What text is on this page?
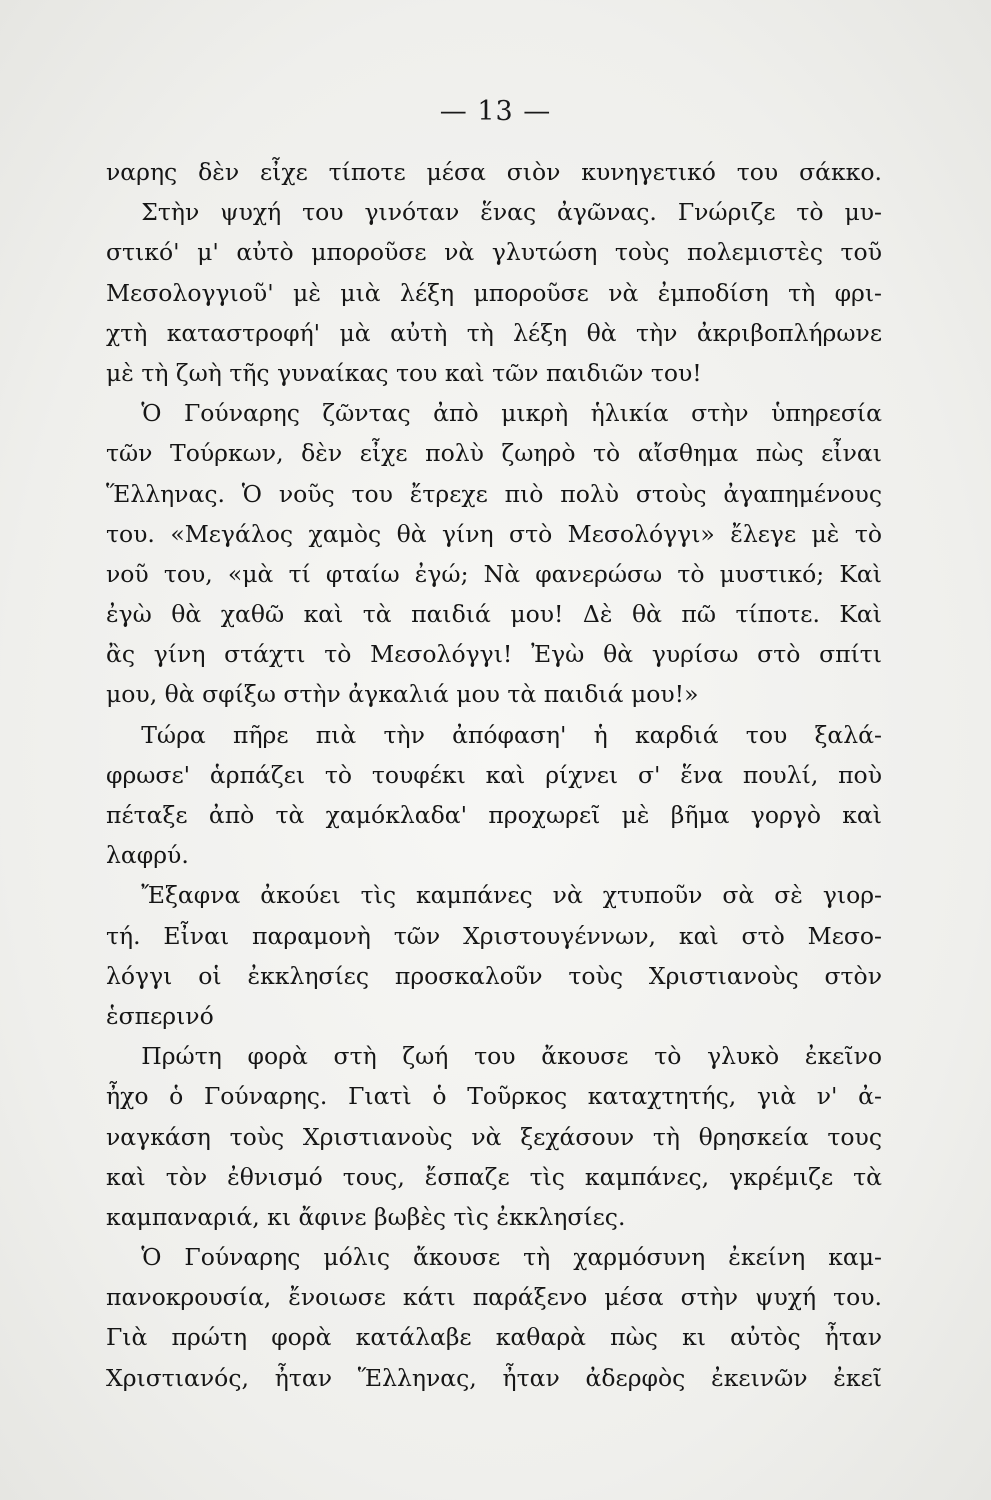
— 13 —
ναρης δὲν εἶχε τίποτε μέσα σιὸν κυνηγετικό του σάκκο.
  Στὴν ψυχή του γινόταν ἕνας ἀγῶνας. Γνώριζε τὸ μυ-
στικό' μ' αὐτὸ μποροῦσε νὰ γλυτώση τοὺς πολεμιστὲς τοῦ
Μεσολογγιοῦ' μὲ μιὰ λέξη μποροῦσε νὰ ἐμποδίση τὴ φρι-
χτὴ καταστροφή' μὰ αὐτὴ τὴ λέξη θὰ τὴν ἀκριβοπλήρωνε
μὲ τὴ ζωὴ τῆς γυναίκας του καὶ τῶν παιδιῶν του!
  Ὁ Γούναρης ζῶντας ἀπὸ μικρὴ ἡλικία στὴν ὑπηρεσία
τῶν Τούρκων, δὲν εἶχε πολὺ ζωηρὸ τὸ αἴσθημα πὼς εἶναι
Ἕλληνας. Ὁ νοῦς του ἔτρεχε πιὸ πολὺ στοὺς ἀγαπημένους
του. «Μεγάλος χαμὸς θὰ γίνη στὸ Μεσολόγγι» ἔλεγε μὲ τὸ
νοῦ του, «μὰ τί φταίω ἐγώ; Νὰ φανερώσω τὸ μυστικό; Καὶ
ἐγὼ θὰ χαθῶ καὶ τὰ παιδιά μου! Δὲ θὰ πῶ τίποτε. Καὶ
ἂς γίνη στάχτι τὸ Μεσολόγγι! Ἐγὼ θὰ γυρίσω στὸ σπίτι
μου, θὰ σφίξω στὴν ἀγκαλιά μου τὰ παιδιά μου!»
  Τώρα πῆρε πιὰ τὴν ἀπόφαση' ἡ καρδιά του ξαλά-
φρωσε' ἁρπάζει τὸ τουφέκι καὶ ρίχνει σ' ἕνα πουλί, ποὺ
πέταξε ἀπὸ τὰ χαμόκλαδα' προχωρεῖ μὲ βῆμα γοργὸ καὶ
λαφρύ.
  Ἔξαφνα ἀκούει τὶς καμπάνες νὰ χτυποῦν σὰ σὲ γιορ-
τή. Εἶναι παραμονὴ τῶν Χριστουγέννων, καὶ στὸ Μεσο-
λόγγι οἱ ἐκκλησίες προσκαλοῦν τοὺς Χριστιανοὺς στὸν
ἑσπερινό
  Πρώτη φορὰ στὴ ζωή του ἄκουσε τὸ γλυκὸ ἐκεῖνο
ἦχο ὁ Γούναρης. Γιατὶ ὁ Τοῦρκος καταχτητής, γιὰ ν' ἀ-
ναγκάση τοὺς Χριστιανοὺς νὰ ξεχάσουν τὴ θρησκεία τους
καὶ τὸν ἐθνισμό τους, ἔσπαζε τὶς καμπάνες, γκρέμιζε τὰ
καμπαναριά, κι ἄφινε βωβὲς τὶς ἐκκλησίες.
  Ὁ Γούναρης μόλις ἄκουσε τὴ χαρμόσυνη ἐκείνη καμ-
πανοκρουσία, ἔνοιωσε κάτι παράξενο μέσα στὴν ψυχή του.
Γιὰ πρώτη φορὰ κατάλαβε καθαρὰ πὼς κι αὐτὸς ἦταν
Χριστιανός, ἦταν Ἕλληνας, ἦταν ἀδερφὸς ἐκεινῶν ἐκεῖ
